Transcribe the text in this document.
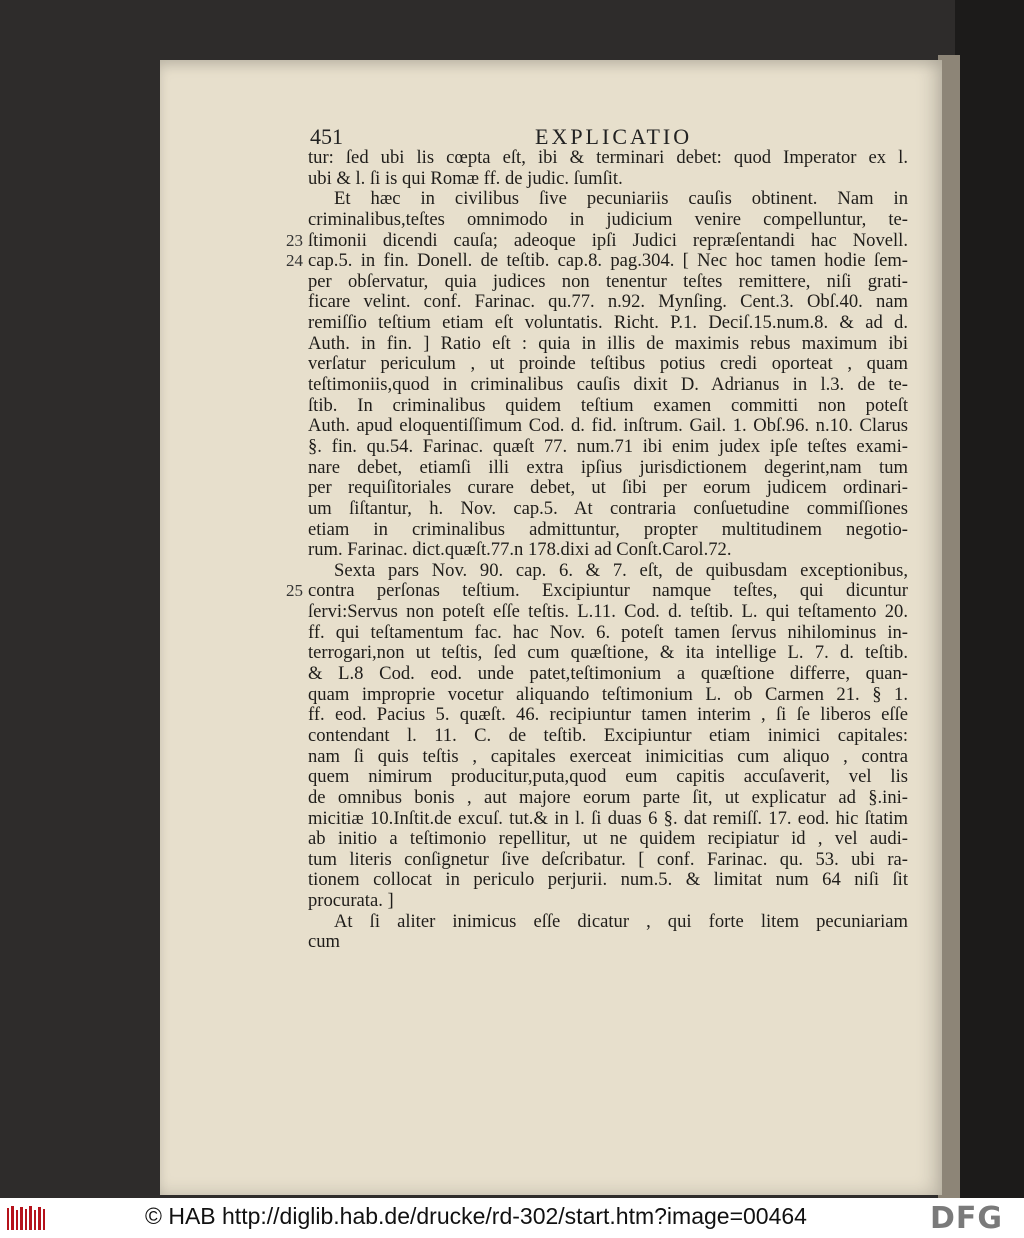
451	EXPLICATIO
tur: ſed ubi lis cœpta eſt, ibi & terminari debet: quod Imperator ex l.
ubi & l. ſi is qui Romæ ff. de judic. ſumſit.
Et hæc in civilibus ſive pecuniariis cauſis obtinent. Nam in
criminalibus,teſtes omnimodo in judicium venire compelluntur, te-
23 ſtimonii dicendi cauſa; adeoque ipſi Judici repræſentandi hac Novell.
24 cap.5. in fin. Donell. de teſtib. cap.8. pag.304. [ Nec hoc tamen hodie ſem-
per obſervatur, quia judices non tenentur teſtes remittere, niſi grati-
ficare velint. conf. Farinac. qu.77. n.92. Mynſing. Cent.3. Obſ.40. nam
remiſſio teſtium etiam eſt voluntatis. Richt. P.1. Deciſ.15.num.8. & ad d.
Auth. in fin. ] Ratio eſt : quia in illis de maximis rebus maximum ibi
verſatur periculum , ut proinde teſtibus potius credi oporteat , quam
teſtimoniis,quod in criminalibus cauſis dixit D. Adrianus in l.3. de te-
ſtib. In criminalibus quidem teſtium examen committi non poteſt
Auth. apud eloquentiſſimum Cod. d. fid. inſtrum. Gail. 1. Obſ.96. n.10. Clarus
§. fin. qu.54. Farinac. quæſt 77. num.71 ibi enim judex ipſe teſtes exami-
nare debet, etiamſi illi extra ipſius jurisdictionem degerint,nam tum
per requiſitoriales curare debet, ut ſibi per eorum judicem ordinari-
um ſiſtantur, h. Nov. cap.5. At contraria conſuetudine commiſſiones
etiam in criminalibus admittuntur, propter multitudinem negotio-
rum. Farinac. dict.quæſt.77.n 178.dixi ad Conſt.Carol.72.
Sexta pars Nov. 90. cap. 6. & 7. eſt, de quibusdam exceptionibus,
25 contra perſonas teſtium. Excipiuntur namque teſtes, qui dicuntur
ſervi:Servus non poteſt eſſe teſtis. L.11. Cod. d. teſtib. L. qui teſtamento 20.
ff. qui teſtamentum fac. hac Nov. 6. poteſt tamen ſervus nihilominus in-
terrogari,non ut teſtis, ſed cum quæſtione, & ita intellige L. 7. d. teſtib.
& L.8 Cod. eod. unde patet,teſtimonium a quæſtione differre, quan-
quam improprie vocetur aliquando teſtimonium L. ob Carmen 21. § 1.
ff. eod. Pacius 5. quæſt. 46. recipiuntur tamen interim , ſi ſe liberos eſſe
contendant l. 11. C. de teſtib. Excipiuntur etiam inimici capitales:
nam ſi quis teſtis , capitales exerceat inimicitias cum aliquo , contra
quem nimirum producitur,puta,quod eum capitis accuſaverit, vel lis
de omnibus bonis , aut majore eorum parte ſit, ut explicatur ad §.ini-
micitiæ 10.Inſtit.de excuſ. tut.& in l. ſi duas 6 §. dat remiſſ. 17. eod. hic ſtatim
ab initio a teſtimonio repellitur, ut ne quidem recipiatur id , vel audi-
tum literis conſignetur ſive deſcribatur. [ conf. Farinac. qu. 53. ubi ra-
tionem collocat in periculo perjurii. num.5. & limitat num 64 niſi ſit
procurata. ]
At ſi aliter inimicus eſſe dicatur , qui forte litem pecuniariam
cum
© HAB http://diglib.hab.de/drucke/rd-302/start.htm?image=00464	DFG
